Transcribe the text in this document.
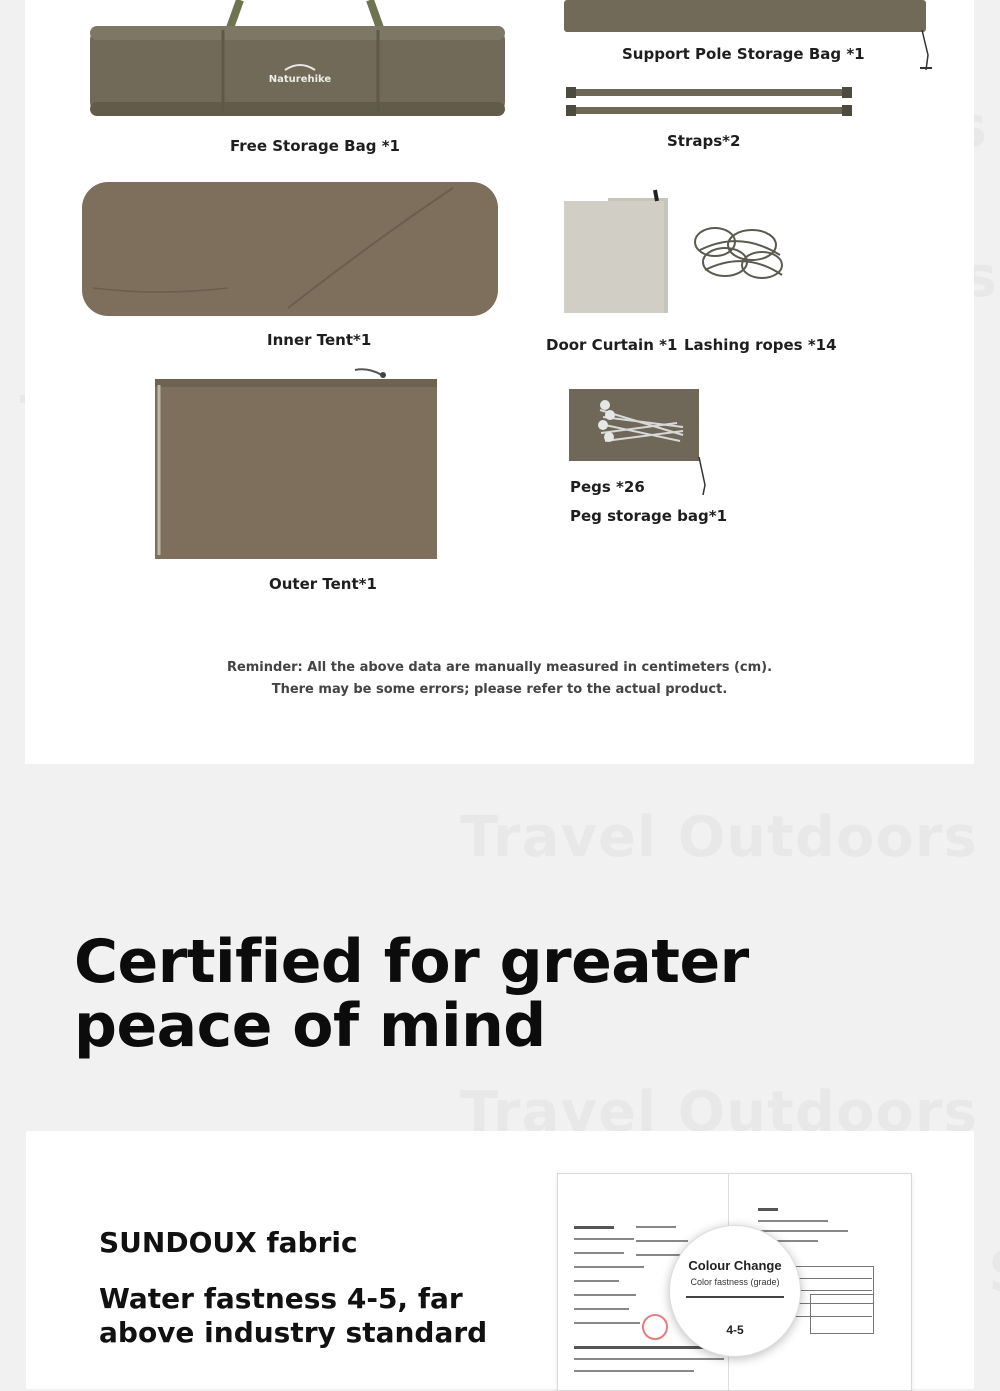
Naturehike
Support Pole Storage Bag *1
Straps*2
Free Storage Bag *1
Inner Tent*1	Door Curtain *1 Lashing ropes *14
Pegs *26
Peg storage bag*1
Outer Tent*1
Reminder: All the above data are manually measured in centimeters (cm).
There may be some errors; please refer to the actual product.
Certified for greater
peace of mind
SUNDOUX fabric
Water fastness 4-5, far
above industry standard
Colour Change
Color fastness (grade)
4-5
